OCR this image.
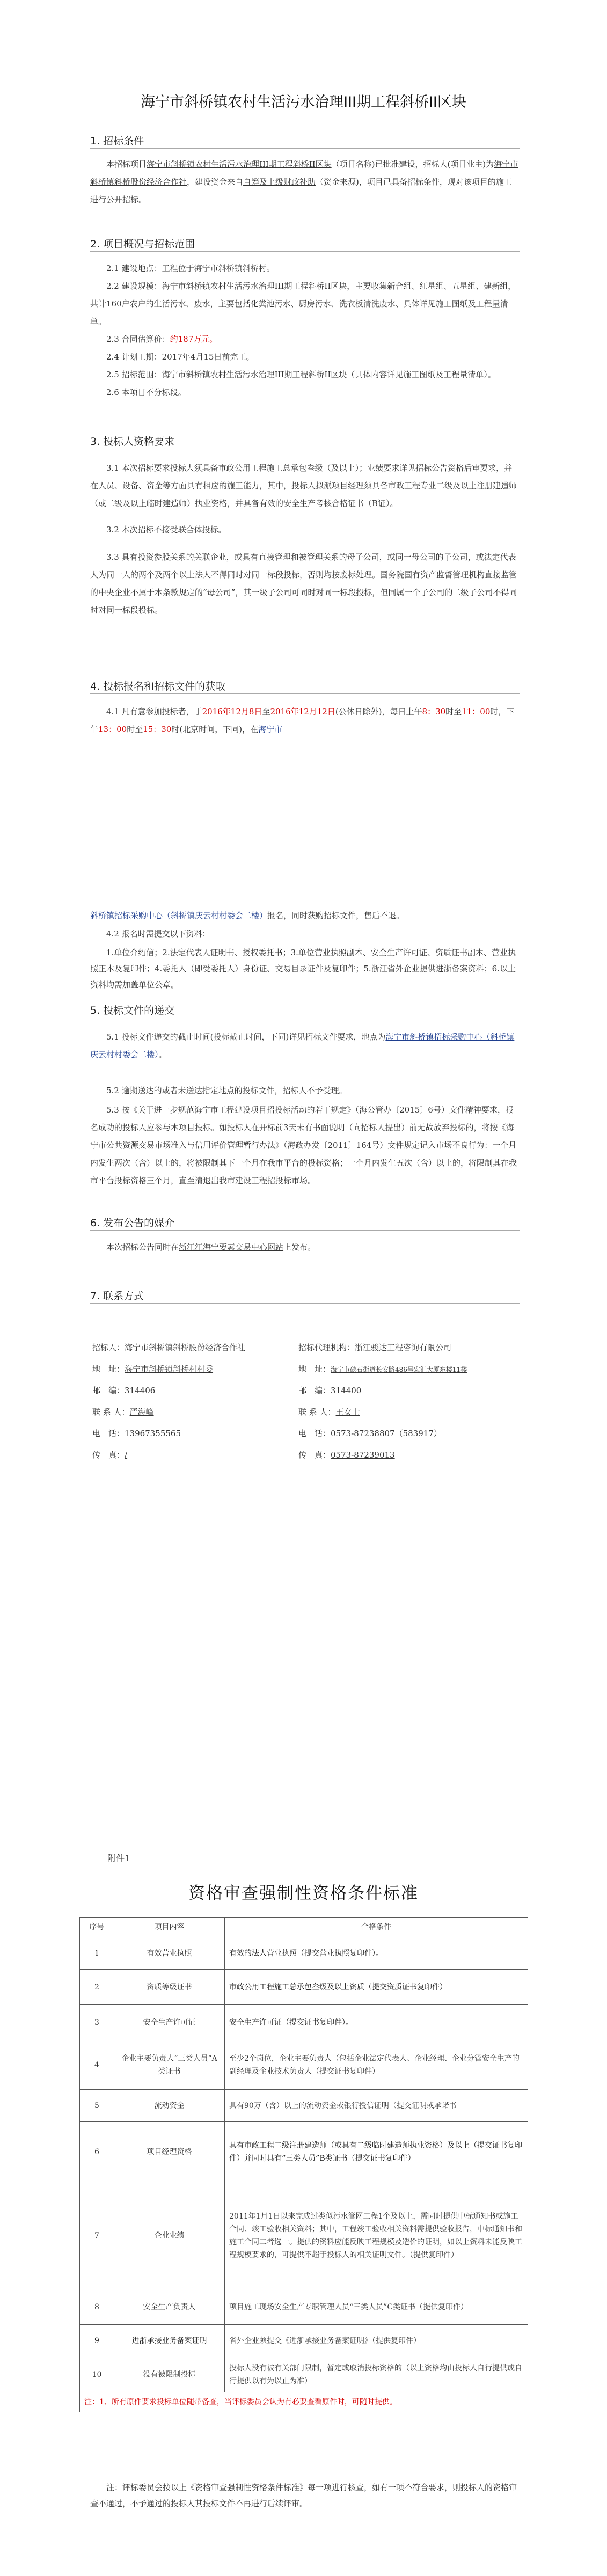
海宁市斜桥镇农村生活污水治理III期工程斜桥II区块
1. 招标条件
本招标项目海宁市斜桥镇农村生活污水治理III期工程斜桥II区块（项目名称)已批准建设，招标人(项目业主)为海宁市斜桥镇斜桥股份经济合作社，建设资金来自自筹及上级财政补助（资金来源)，项目已具备招标条件，现对该项目的施工进行公开招标。
2. 项目概况与招标范围
2.1 建设地点：工程位于海宁市斜桥镇斜桥村。
2.2 建设规模：海宁市斜桥镇农村生活污水治理III期工程斜桥II区块，主要收集新合组、红星组、五星组、建新组，共计160户农户的生活污水、废水，主要包括化粪池污水、厨房污水、洗衣板清洗废水、具体详见施工图纸及工程量清单。
2.3 合同估算价：约187万元。
2.4 计划工期：2017年4月15日前完工。
2.5 招标范围：海宁市斜桥镇农村生活污水治理III期工程斜桥II区块（具体内容详见施工图纸及工程量清单）。
2.6 本项目不分标段。
3. 投标人资格要求
3.1 本次招标要求投标人须具备市政公用工程施工总承包叁级（及以上）；业绩要求详见招标公告资格后审要求，并在人员、设备、资金等方面具有相应的施工能力，其中，投标人拟派项目经理须具备市政工程专业二级及以上注册建造师（或二级及以上临时建造师）执业资格，并具备有效的安全生产考核合格证书（B证）。
3.2 本次招标不接受联合体投标。
3.3 具有投资参股关系的关联企业，或具有直接管理和被管理关系的母子公司，或同一母公司的子公司，或法定代表人为同一人的两个及两个以上法人不得同时对同一标段投标，否则均按废标处理。国务院国有资产监督管理机构直接监管的中央企业不属于本条款规定的“母公司”，其一级子公司可同时对同一标段投标，但同属一个子公司的二级子公司不得同时对同一标段投标。
4. 投标报名和招标文件的获取
4.1 凡有意参加投标者，于2016年12月8日至2016年12月12日(公休日除外)，每日上午8：30时至11：00时，下午13：00时至15：30时(北京时间，下同)，在海宁市
斜桥镇招标采购中心（斜桥镇庆云村村委会二楼）报名，同时获购招标文件，售后不退。
4.2 报名时需提交以下资料：
1.单位介绍信；2.法定代表人证明书、授权委托书；3.单位营业执照副本、安全生产许可证、资质证书副本、营业执照正本及复印件；4.委托人（即受委托人）身份证、交易目录证件及复印件；5.浙江省外企业提供进浙备案资料；6.以上资料均需加盖单位公章。
5. 投标文件的递交
5.1 投标文件递交的截止时间(投标截止时间，下同)详见招标文件要求，地点为海宁市斜桥镇招标采购中心（斜桥镇庆云村村委会二楼）。
5.2 逾期送达的或者未送达指定地点的投标文件，招标人不予受理。
5.3 按《关于进一步规范海宁市工程建设项目招投标活动的若干规定》（海公管办〔2015〕6号）文件精神要求，报名成功的投标人应参与本项目投标。如投标人在开标前3天未有书面说明（向招标人提出）前无故放弃投标的，将按《海宁市公共资源交易市场准入与信用评价管理暂行办法》（海政办发〔2011〕164号）文件规定记入市场不良行为：一个月内发生两次（含）以上的，将被限制其下一个月在我市平台的投标资格；一个月内发生五次（含）以上的，将限制其在我市平台投标资格三个月，直至清退出我市建设工程招投标市场。
6. 发布公告的媒介
本次招标公告同时在浙江江海宁要素交易中心网站上发布。
7. 联系方式
招标人：海宁市斜桥镇斜桥股份经济合作社
地　址：海宁市斜桥镇斜桥村村委
邮　编：314406
联 系 人：严海峰
电　话：13967355565
传　真：/
招标代理机构：浙江骏达工程咨询有限公司
地　址：海宁市硖石街道长安路486号宏汇大厦东楼11楼
邮　编：314400
联 系 人：王女士
电　话：0573-87238807（583917）
传　真：0573-87239013
附件1
资格审查强制性资格条件标准
序号	项目内容	合格条件
1	有效营业执照	有效的法人营业执照（提交营业执照复印件）。
2	资质等级证书	市政公用工程施工总承包叁级及以上资质（提交资质证书复印件）
3	安全生产许可证	安全生产许可证（提交证书复印件）。
4	企业主要负责人“三类人员”A类证书	至少2个岗位，企业主要负责人（包括企业法定代表人、企业经理、企业分管安全生产的副经理及企业技术负责人（提交证书复印件）
5	流动资金	具有90万（含）以上的流动资金或银行授信证明（提交证明或承诺书
6	项目经理资格	具有市政工程二级注册建造师（或具有二级临时建造师执业资格）及以上（提交证书复印件）并同时具有“三类人员”B类证书（提交证书复印件）
7	企业业绩	2011年1月1日以来完成过类似污水管网工程1个及以上，需同时提供中标通知书或施工合同、竣工验收相关资料；其中，工程竣工验收相关资料需提供验收报告，中标通知书和施工合同二者选一。提供的资料应能反映工程规模及造价的证明，如以上资料未能反映工程规模要求的，可提供不超于投标人的相关证明文件。（提供复印件）
8	安全生产负责人	项目施工现场安全生产专职管理人员“三类人员”C类证书（提供复印件）
9	进浙承接业务备案证明	省外企业须提交《进浙承接业务备案证明》（提供复印件）
10	没有被限制投标	投标人没有被有关部门限制，暂定或取消投标资格的（以上资格均由投标人自行提供或自行提供以有为以止为准）
注：1、所有原件要求投标单位随带备查，当评标委员会认为有必要查看原件时，可随时提供。		
注：评标委员会按以上《资格审查强制性资格条件标准》每一项进行核查，如有一项不符合要求，则投标人的资格审查不通过，不予通过的投标人其投标文件不再进行后续评审。
